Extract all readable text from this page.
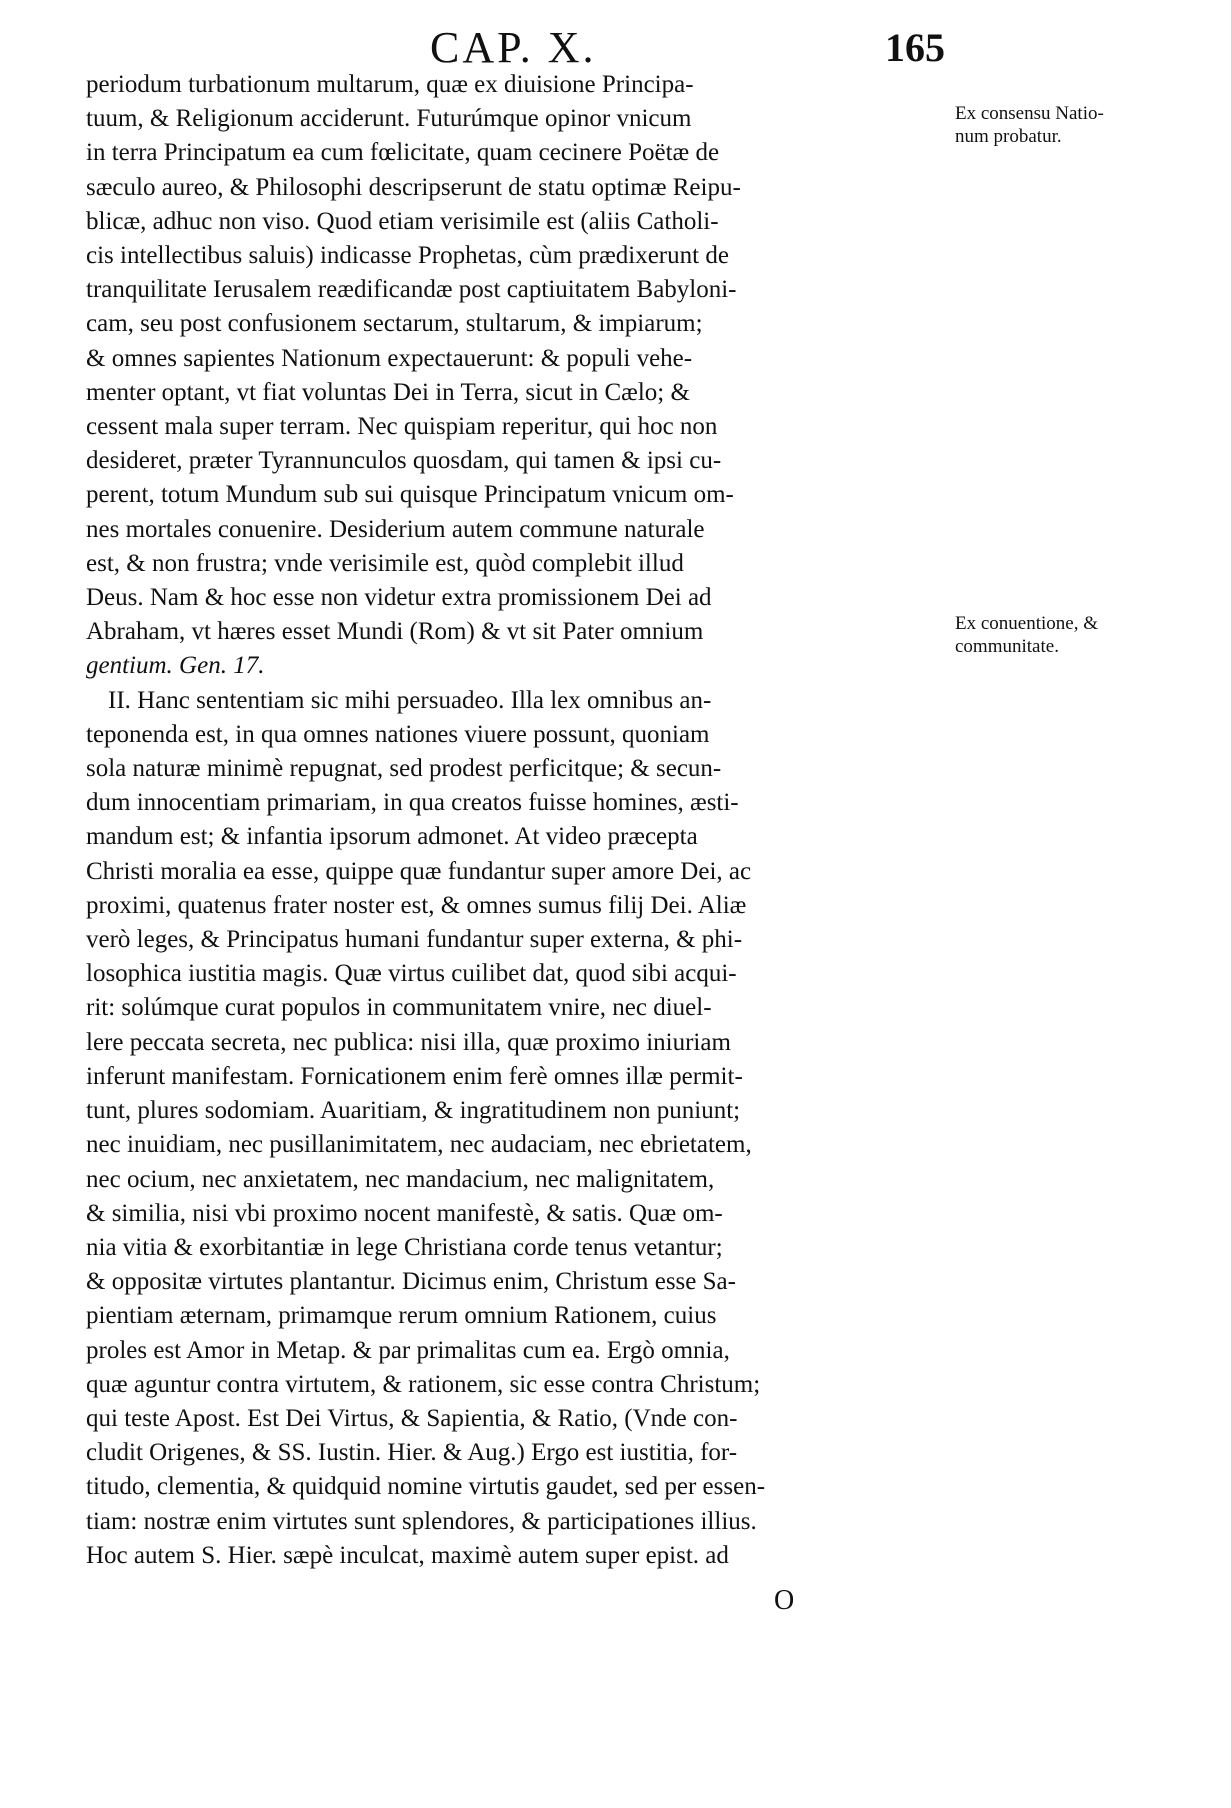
CAP. X.	165
periodum turbationum multarum, quæ ex diuisione Principa-
tuum, & Religionum acciderunt. Futurúmque opinor vnicum
in terra Principatum ea cum fœlicitate, quam cecinere Poëtæ de
sæculo aureo, & Philosophi descripserunt de statu optimæ Reipu-
blicæ, adhuc non viso. Quod etiam verisimile est (aliis Catholi-
cis intellectibus saluis) indicasse Prophetas, cùm prædixerunt de
tranquilitate Ierusalem reædificandæ post captiuitatem Babyloni-
cam, seu post confusionem sectarum, stultarum, & impiarum;
& omnes sapientes Nationum expectauerunt: & populi vehe-
menter optant, vt fiat voluntas Dei in Terra, sicut in Cælo; &
cessent mala super terram. Nec quispiam reperitur, qui hoc non
desideret, præter Tyrannunculos quosdam, qui tamen & ipsi cu-
perent, totum Mundum sub sui quisque Principatum vnicum om-
nes mortales conuenire. Desiderium autem commune naturale
est, & non frustra; vnde verisimile est, quòd complebit illud
Deus. Nam & hoc esse non videtur extra promissionem Dei ad
Abraham, vt hæres esset Mundi (Rom) & vt sit Pater omnium
gentium. Gen. 17.
II. Hanc sententiam sic mihi persuadeo. Illa lex omnibus an-
teponenda est, in qua omnes nationes viuere possunt, quoniam
sola naturæ minimè repugnat, sed prodest perficitque; & secun-
dum innocentiam primariam, in qua creatos fuisse homines, æsti-
mandum est; & infantia ipsorum admonet. At video præcepta
Christi moralia ea esse, quippe quæ fundantur super amore Dei, ac
proximi, quatenus frater noster est, & omnes sumus filij Dei. Aliæ
verò leges, & Principatus humani fundantur super externa, & phi-
losophica iustitia magis. Quæ virtus cuilibet dat, quod sibi acqui-
rit: solúmque curat populos in communitatem vnire, nec diuel-
lere peccata secreta, nec publica: nisi illa, quæ proximo iniuriam
inferunt manifestam. Fornicationem enim ferè omnes illæ permit-
tunt, plures sodomiam. Auaritiam, & ingratitudinem non puniunt;
nec inuidiam, nec pusillanimitatem, nec audaciam, nec ebrietatem,
nec ocium, nec anxietatem, nec mandacium, nec malignitatem,
& similia, nisi vbi proximo nocent manifestè, & satis. Quæ om-
nia vitia & exorbitantiæ in lege Christiana corde tenus vetantur;
& oppositæ virtutes plantantur. Dicimus enim, Christum esse Sa-
pientiam æternam, primamque rerum omnium Rationem, cuius
proles est Amor in Metap. & par primalitas cum ea. Ergò omnia,
quæ aguntur contra virtutem, & rationem, sic esse contra Christum;
qui teste Apost. Est Dei Virtus, & Sapientia, & Ratio, (Vnde con-
cludit Origenes, & SS. Iustin. Hier. & Aug.) Ergo est iustitia, for-
titudo, clementia, & quidquid nomine virtutis gaudet, sed per essen-
tiam: nostræ enim virtutes sunt splendores, & participationes illius.
Hoc autem S. Hier. sæpè inculcat, maximè autem super epist. ad
Ex consensu Natio-
num probatur.
Ex conuentione, &
communitate.
O
